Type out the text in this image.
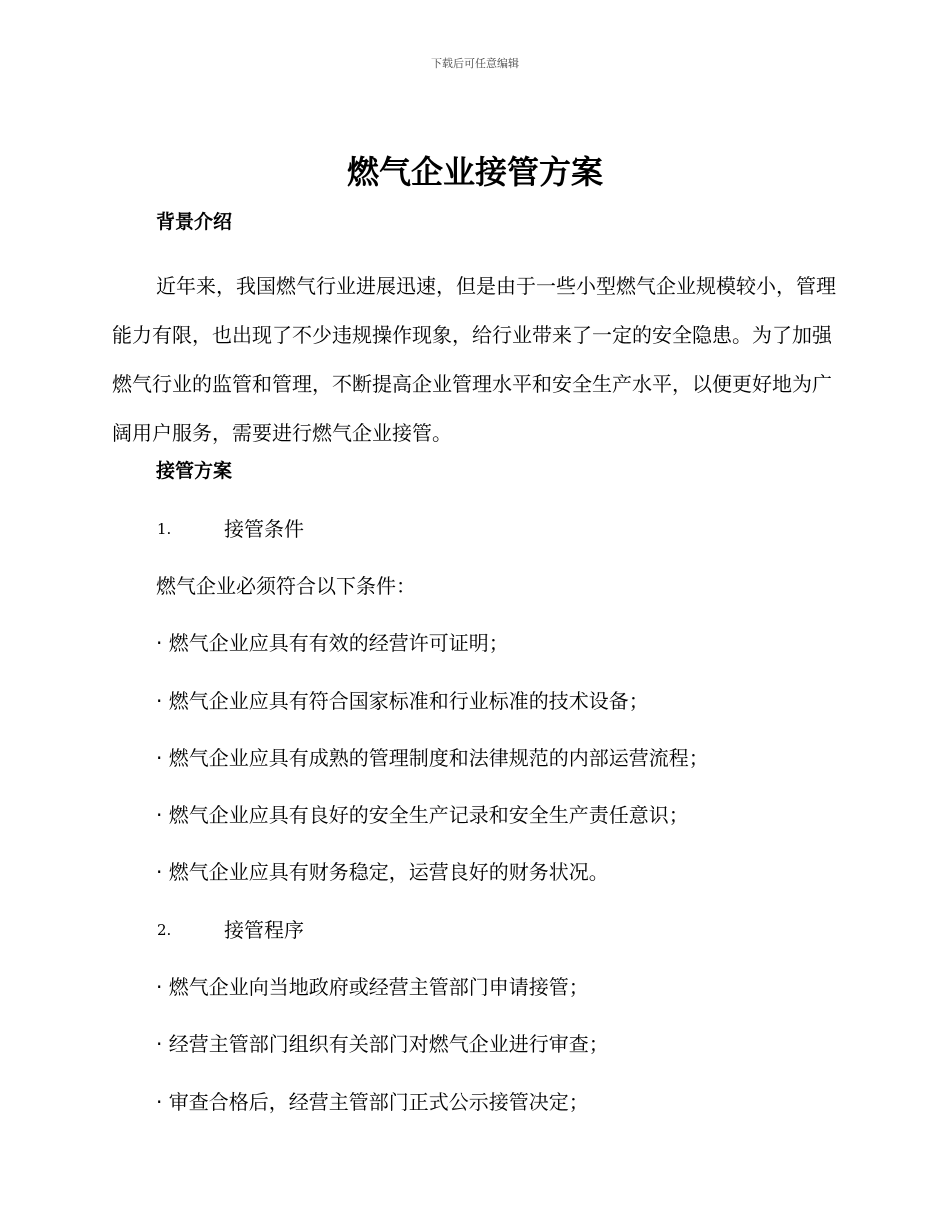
下载后可任意编辑
燃气企业接管方案
背景介绍
近年来，我国燃气行业进展迅速，但是由于一些小型燃气企业规模较小，管理能力有限，也出现了不少违规操作现象，给行业带来了一定的安全隐患。为了加强燃气行业的监管和管理，不断提高企业管理水平和安全生产水平，以便更好地为广阔用户服务，需要进行燃气企业接管。
接管方案
1.	接管条件
燃气企业必须符合以下条件：
· 燃气企业应具有有效的经营许可证明；
· 燃气企业应具有符合国家标准和行业标准的技术设备；
· 燃气企业应具有成熟的管理制度和法律规范的内部运营流程；
· 燃气企业应具有良好的安全生产记录和安全生产责任意识；
· 燃气企业应具有财务稳定，运营良好的财务状况。
2.	接管程序
· 燃气企业向当地政府或经营主管部门申请接管；
· 经营主管部门组织有关部门对燃气企业进行审查；
· 审查合格后，经营主管部门正式公示接管决定；
